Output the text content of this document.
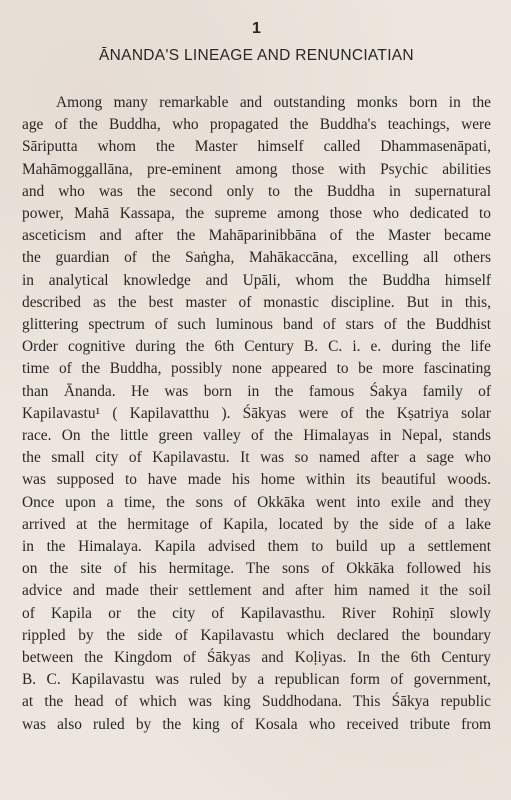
1
ĀNANDA'S LINEAGE AND RENUNCIATIAN
Among many remarkable and outstanding monks born in the
age of the Buddha, who propagated the Buddha's teachings, were
Sāriputta whom the Master himself called Dhammasenāpati,
Mahāmoggallāna, pre-eminent among those with Psychic abilities
and who was the second only to the Buddha in supernatural
power, Mahā Kassapa, the supreme among those who dedicated to
asceticism and after the Mahāparinibbāna of the Master became
the guardian of the Saṅgha, Mahākaccāna, excelling all others
in analytical knowledge and Upāli, whom the Buddha himself
described as the best master of monastic discipline. But in this,
glittering spectrum of such luminous band of stars of the Buddhist
Order cognitive during the 6th Century B. C. i. e. during the life
time of the Buddha, possibly none appeared to be more fascinating
than Ānanda. He was born in the famous Śakya family of
Kapilavastu¹ ( Kapilavatthu ). Śākyas were of the Kṣatriya solar
race. On the little green valley of the Himalayas in Nepal, stands
the small city of Kapilavastu. It was so named after a sage who
was supposed to have made his home within its beautiful woods.
Once upon a time, the sons of Okkāka went into exile and they
arrived at the hermitage of Kapila, located by the side of a lake
in the Himalaya. Kapila advised them to build up a settlement
on the site of his hermitage. The sons of Okkāka followed his
advice and made their settlement and after him named it the soil
of Kapila or the city of Kapilavasthu. River Rohiṇī slowly
rippled by the side of Kapilavastu which declared the boundary
between the Kingdom of Śākyas and Koḷiyas. In the 6th Century
B. C. Kapilavastu was ruled by a republican form of government,
at the head of which was king Suddhodana. This Śākya republic
was also ruled by the king of Kosala who received tribute from
